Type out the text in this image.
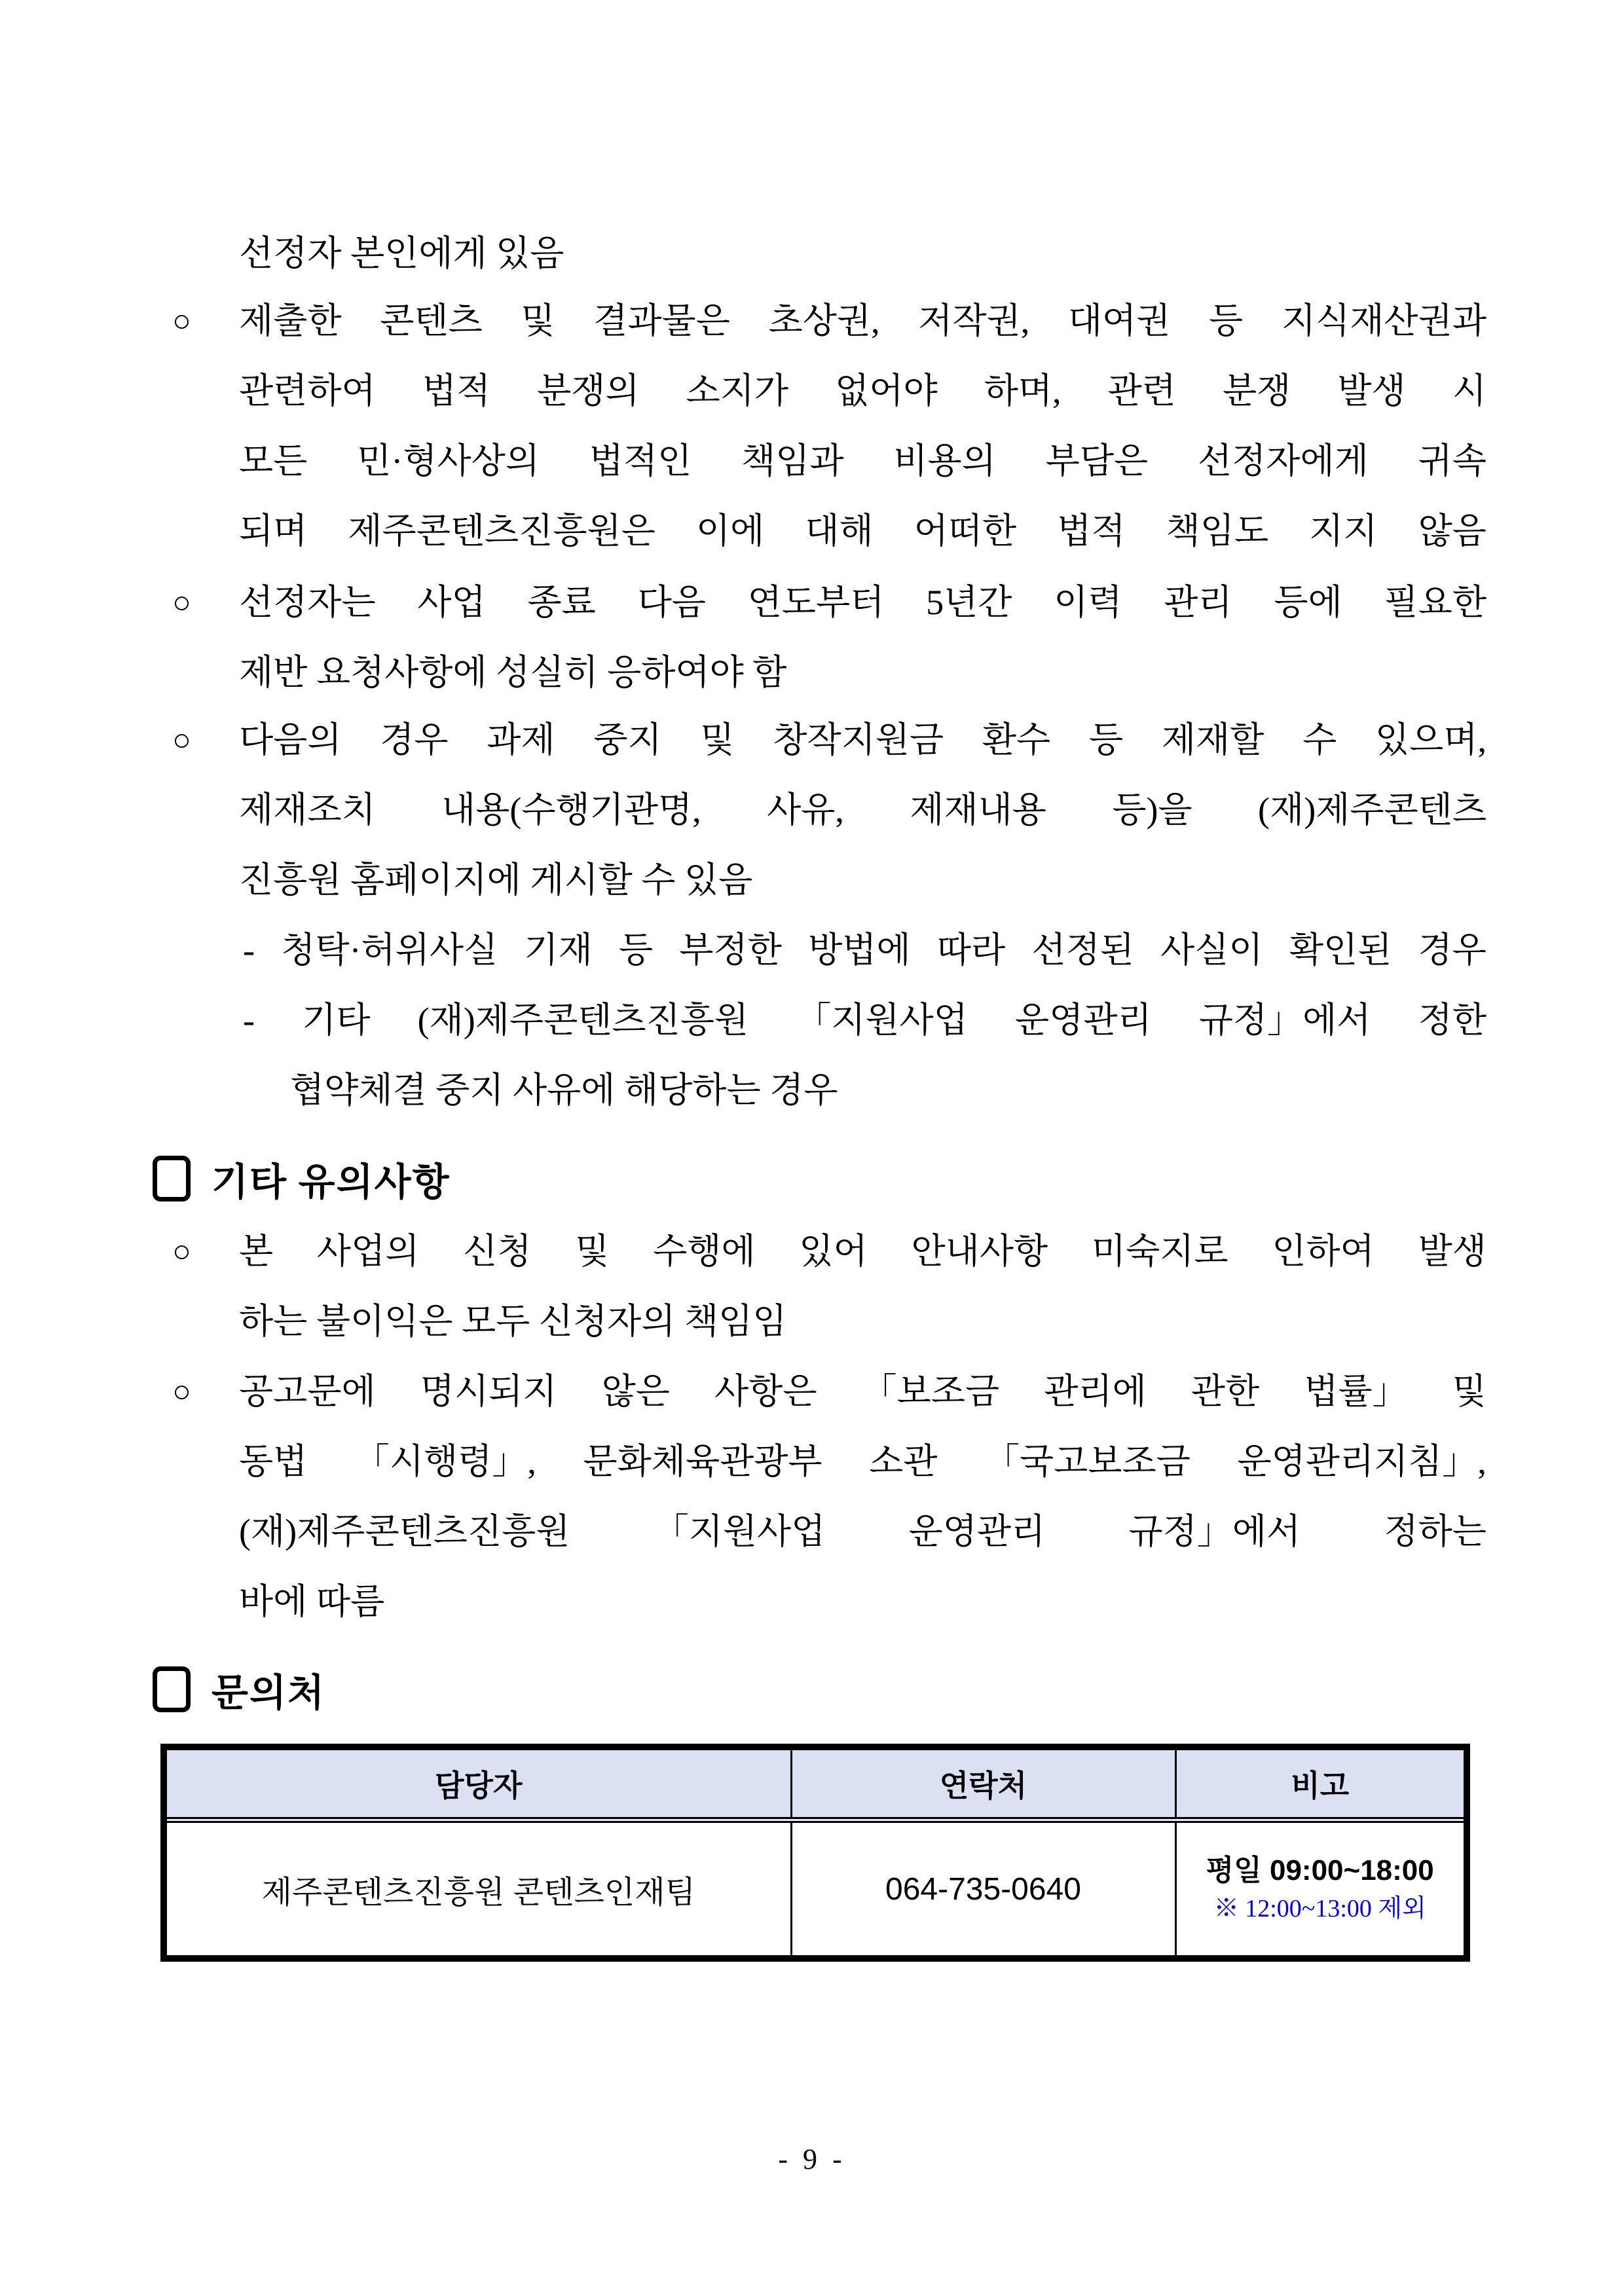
선정자 본인에게 있음
○	제출한 콘텐츠 및 결과물은 초상권, 저작권, 대여권 등 지식재산권과
관련하여 법적 분쟁의 소지가 없어야 하며, 관련 분쟁 발생 시
모든 민·형사상의 법적인 책임과 비용의 부담은 선정자에게 귀속
되며 제주콘텐츠진흥원은 이에 대해 어떠한 법적 책임도 지지 않음
○	선정자는 사업 종료 다음 연도부터 5년간 이력 관리 등에 필요한
제반 요청사항에 성실히 응하여야 함
○	다음의 경우 과제 중지 및 창작지원금 환수 등 제재할 수 있으며,
제재조치 내용(수행기관명, 사유, 제재내용 등)을 (재)제주콘텐츠
진흥원 홈페이지에 게시할 수 있음
- 청탁·허위사실 기재 등 부정한 방법에 따라 선정된 사실이 확인된 경우
- 기타 (재)제주콘텐츠진흥원 「지원사업 운영관리 규정」에서 정한
협약체결 중지 사유에 해당하는 경우
기타 유의사항
○	본 사업의 신청 및 수행에 있어 안내사항 미숙지로 인하여 발생
하는 불이익은 모두 신청자의 책임임
○	공고문에 명시되지 않은 사항은 「보조금 관리에 관한 법률」 및
동법 「시행령」, 문화체육관광부 소관 「국고보조금 운영관리지침」,
(재)제주콘텐츠진흥원 「지원사업 운영관리 규정」에서 정하는
바에 따름
문의처
담당자	연락처	비고
제주콘텐츠진흥원 콘텐츠인재팀	064-735-0640	평일 09:00~18:00
※ 12:00~13:00 제외
- 9 -
